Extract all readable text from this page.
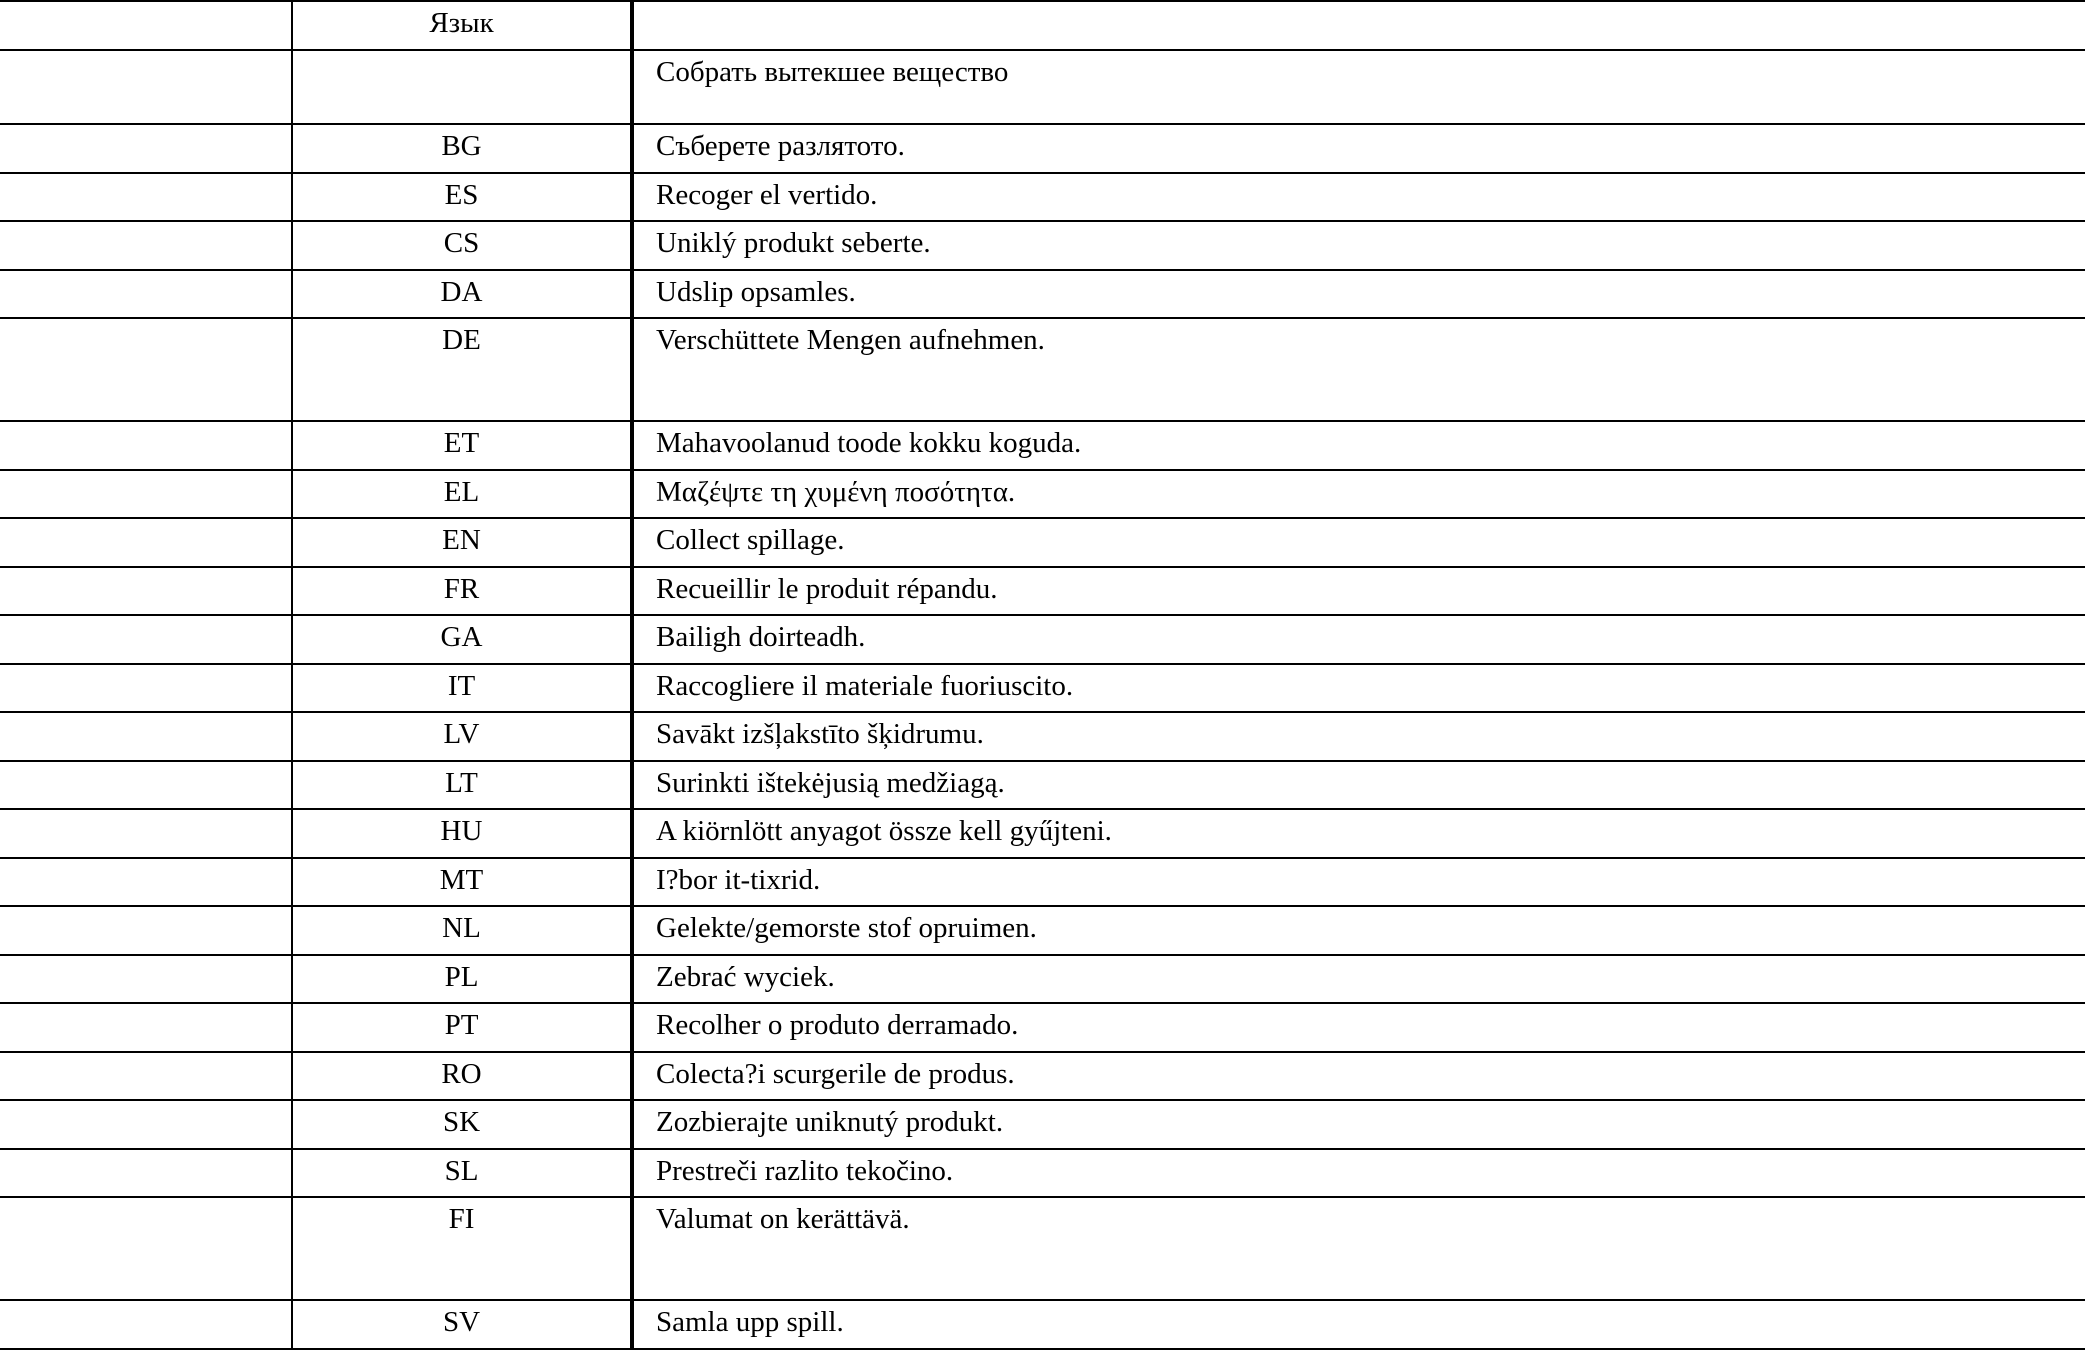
	Язык	
		Собрать вытекшее вещество
	BG	Съберете разлятото.
	ES	Recoger el vertido.
	CS	Uniklý produkt seberte.
	DA	Udslip opsamles.
	DE	Verschüttete Mengen aufnehmen.
	ET	Mahavoolanud toode kokku koguda.
	EL	Μαζέψτε τη χυμένη ποσότητα.
	EN	Collect spillage.
	FR	Recueillir le produit répandu.
	GA	Bailigh doirteadh.
	IT	Raccogliere il materiale fuoriuscito.
	LV	Savākt izšļakstīto šķidrumu.
	LT	Surinkti ištekėjusią medžiagą.
	HU	A kiörnlött anyagot össze kell gyűjteni.
	MT	I?bor it-tixrid.
	NL	Gelekte/gemorste stof opruimen.
	PL	Zebrać wyciek.
	PT	Recolher o produto derramado.
	RO	Colecta?i scurgerile de produs.
	SK	Zozbierajte uniknutý produkt.
	SL	Prestreči razlito tekočino.
	FI	Valumat on kerättävä.
	SV	Samla upp spill.
